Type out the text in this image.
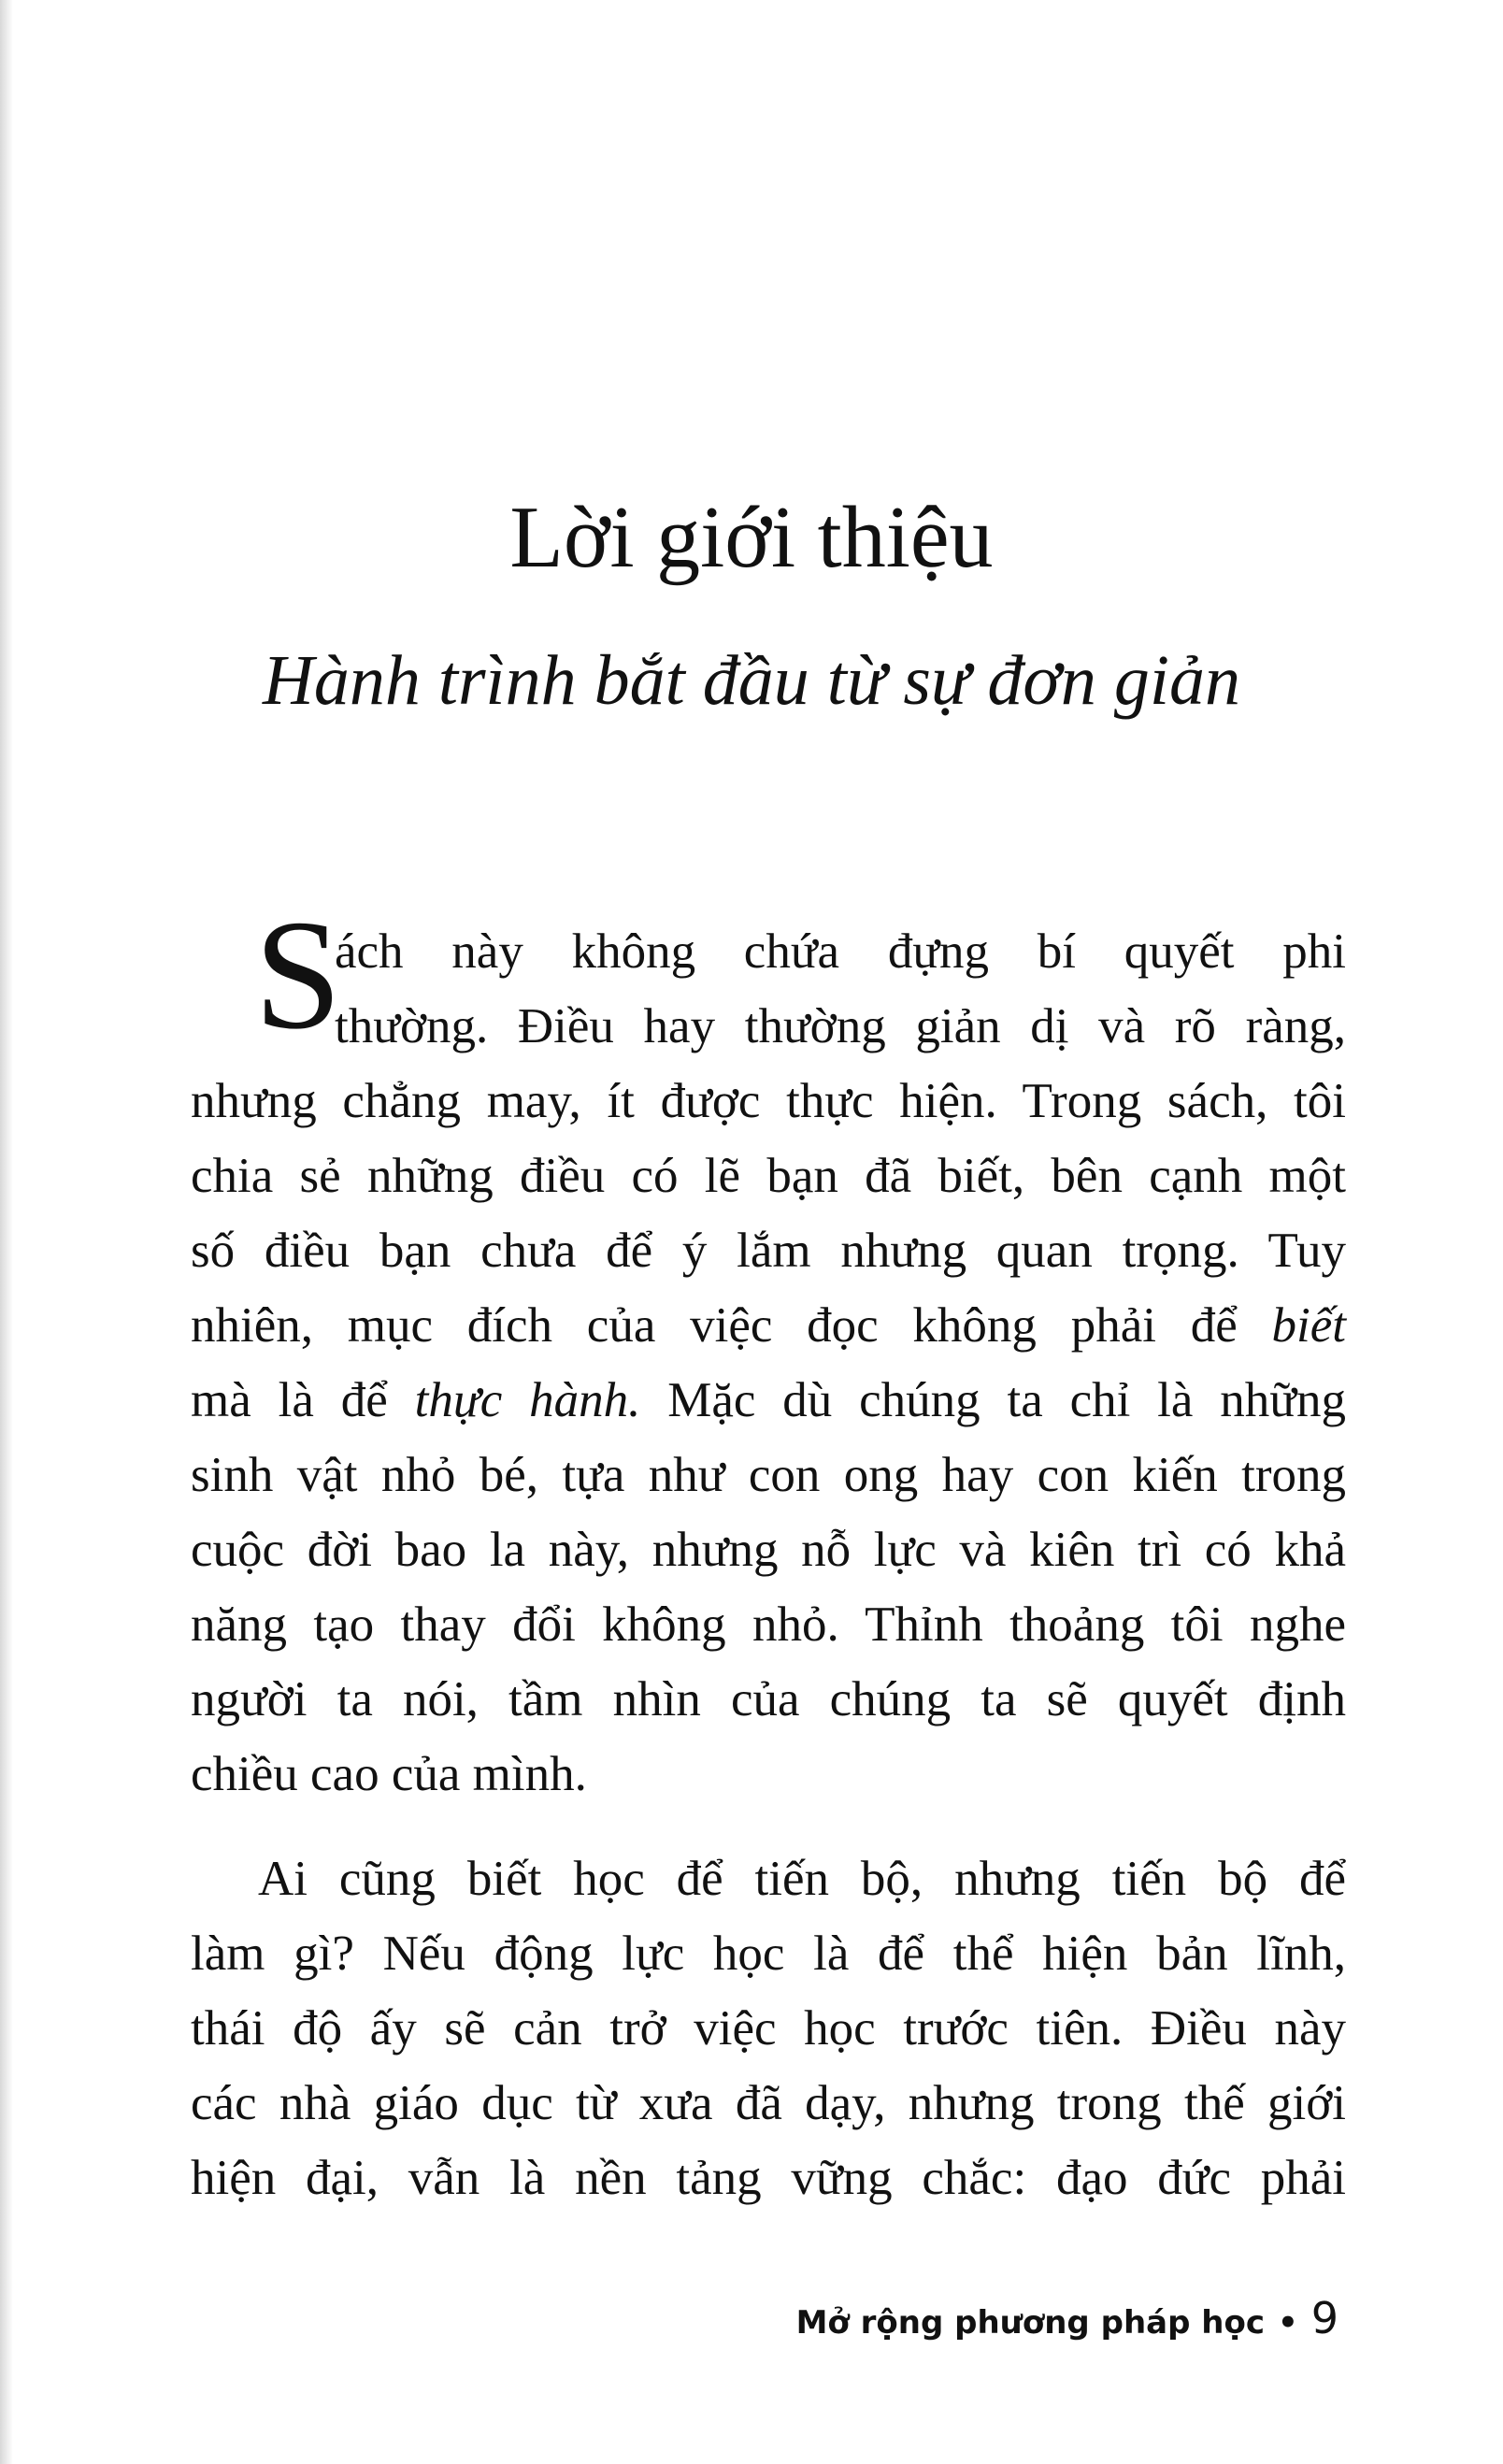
Lời giới thiệu
Hành trình bắt đầu từ sự đơn giản
S
ách này không chứa đựng bí quyết phi
thường. Điều hay thường giản dị và rõ ràng,
nhưng chẳng may, ít được thực hiện. Trong sách, tôi
chia sẻ những điều có lẽ bạn đã biết, bên cạnh một
số điều bạn chưa để ý lắm nhưng quan trọng. Tuy
nhiên, mục đích của việc đọc không phải để biết
mà là để thực hành. Mặc dù chúng ta chỉ là những
sinh vật nhỏ bé, tựa như con ong hay con kiến trong
cuộc đời bao la này, nhưng nỗ lực và kiên trì có khả
năng tạo thay đổi không nhỏ. Thỉnh thoảng tôi nghe
người ta nói, tầm nhìn của chúng ta sẽ quyết định
chiều cao của mình.
Ai cũng biết học để tiến bộ, nhưng tiến bộ để
làm gì? Nếu động lực học là để thể hiện bản lĩnh,
thái độ ấy sẽ cản trở việc học trước tiên. Điều này
các nhà giáo dục từ xưa đã dạy, nhưng trong thế giới
hiện đại, vẫn là nền tảng vững chắc: đạo đức phải
Mở rộng phương pháp học • 9
